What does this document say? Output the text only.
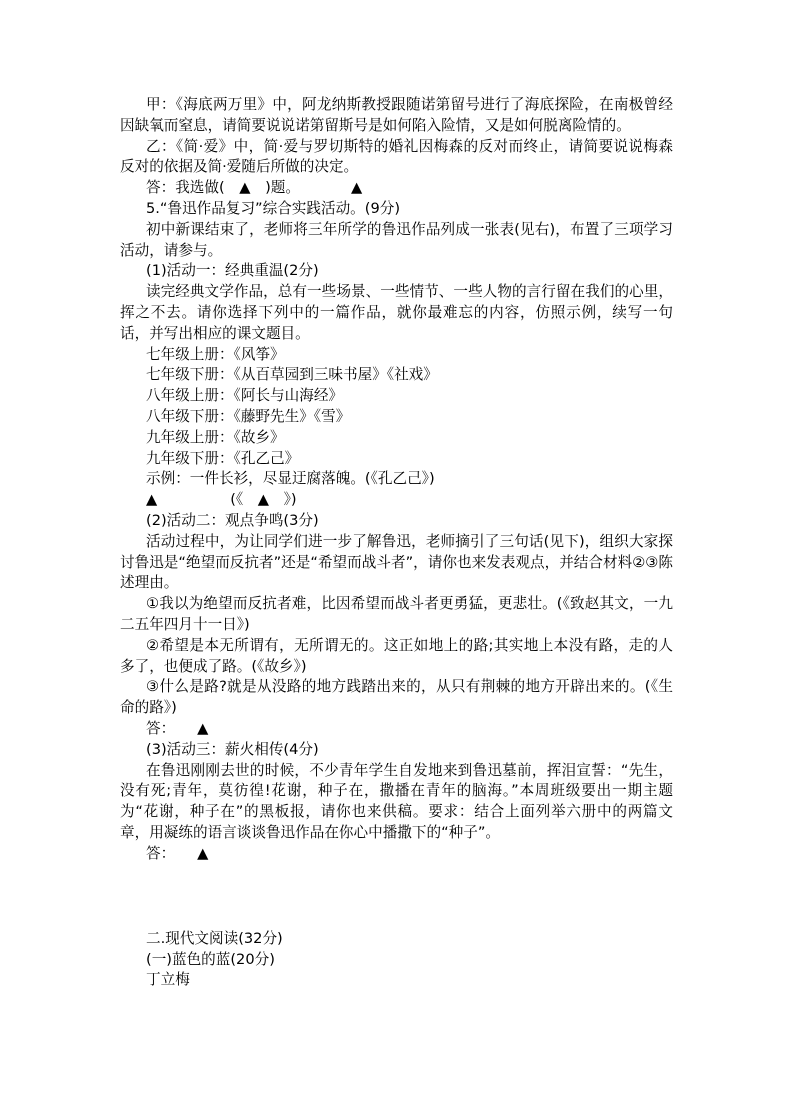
甲：《海底两万里》中，阿龙纳斯教授跟随诺第留号进行了海底探险，在南极曾经因缺氧而窒息，请简要说说诺第留斯号是如何陷入险情，又是如何脱离险情的。

乙：《简·爱》中，简·爱与罗切斯特的婚礼因梅森的反对而终止，请简要说说梅森反对的依据及简·爱随后所做的决定。

答：我选做(　▲　)题。　　　　▲

5.“鲁迅作品复习”综合实践活动。(9分)

初中新课结束了，老师将三年所学的鲁迅作品列成一张表(见右)，布置了三项学习活动，请参与。

(1)活动一：经典重温(2分)

读完经典文学作品，总有一些场景、一些情节、一些人物的言行留在我们的心里，挥之不去。请你选择下列中的一篇作品，就你最难忘的内容，仿照示例，续写一句话，并写出相应的课文题目。

七年级上册：《风筝》

七年级下册：《从百草园到三味书屋》《社戏》

八年级上册：《阿长与山海经》

八年级下册：《藤野先生》《雪》

九年级上册：《故乡》

九年级下册：《孔乙己》

示例：一件长衫，尽显迂腐落魄。(《孔乙己》)

▲　　　　　(《　▲　》)

(2)活动二：观点争鸣(3分)

活动过程中，为让同学们进一步了解鲁迅，老师摘引了三句话(见下)，组织大家探讨鲁迅是“绝望而反抗者”还是“希望而战斗者”，请你也来发表观点，并结合材料②③陈述理由。

①我以为绝望而反抗者难，比因希望而战斗者更勇猛，更悲壮。(《致赵其文，一九二五年四月十一日》)

②希望是本无所谓有，无所谓无的。这正如地上的路;其实地上本没有路，走的人多了，也便成了路。(《故乡》)

③什么是路?就是从没路的地方践踏出来的，从只有荆棘的地方开辟出来的。(《生命的路》)

答：　　▲

(3)活动三：薪火相传(4分)

在鲁迅刚刚去世的时候，不少青年学生自发地来到鲁迅墓前，挥泪宣誓：“先生，没有死;青年，莫彷徨!花谢，种子在，撒播在青年的脑海。”本周班级要出一期主题为“花谢，种子在”的黑板报，请你也来供稿。要求：结合上面列举六册中的两篇文章，用凝练的语言谈谈鲁迅作品在你心中播撒下的“种子”。

答：　　▲

二.现代文阅读(32分)

(一)蓝色的蓝(20分)

丁立梅
